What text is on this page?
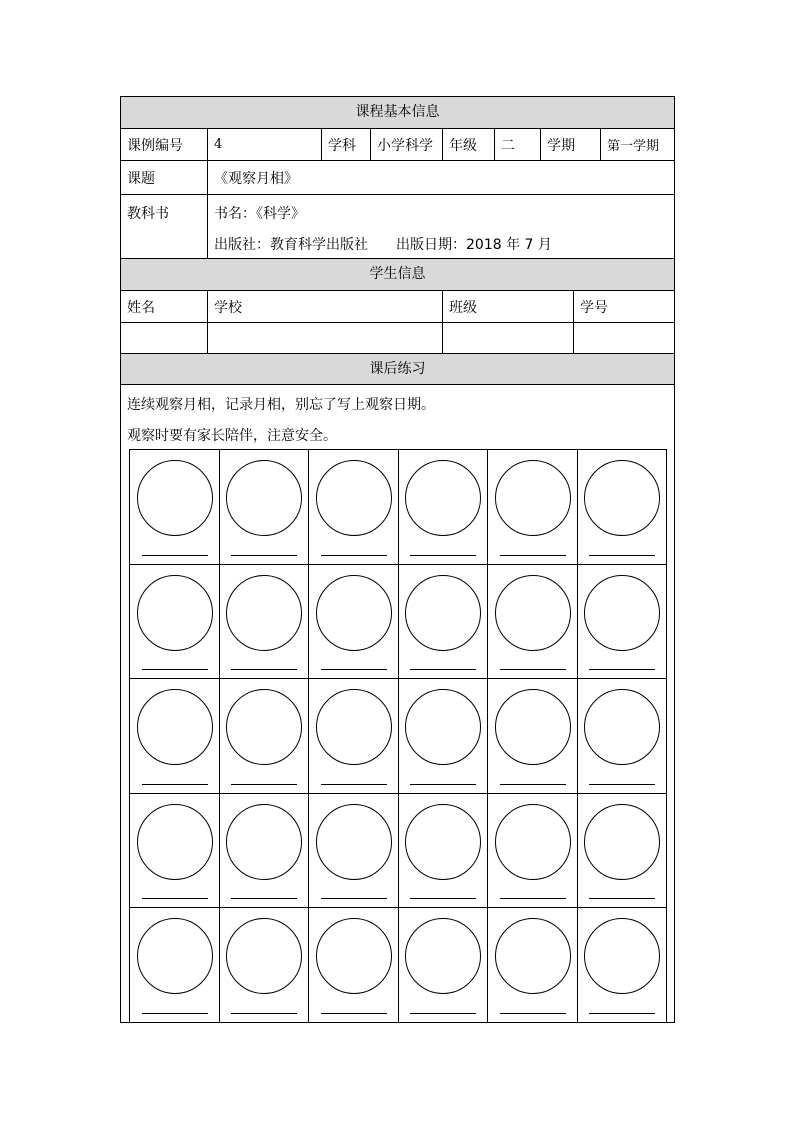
课程基本信息
课例编号	4	学科	小学科学	年级	二	学期	第一学期
课题	《观察月相》
教科书	书名：《科学》
出版社：教育科学出版社 出版日期：2018 年 7 月
学生信息
姓名	学校	班级	学号
课后练习
连续观察月相，记录月相，别忘了写上观察日期。
观察时要有家长陪伴，注意安全。
